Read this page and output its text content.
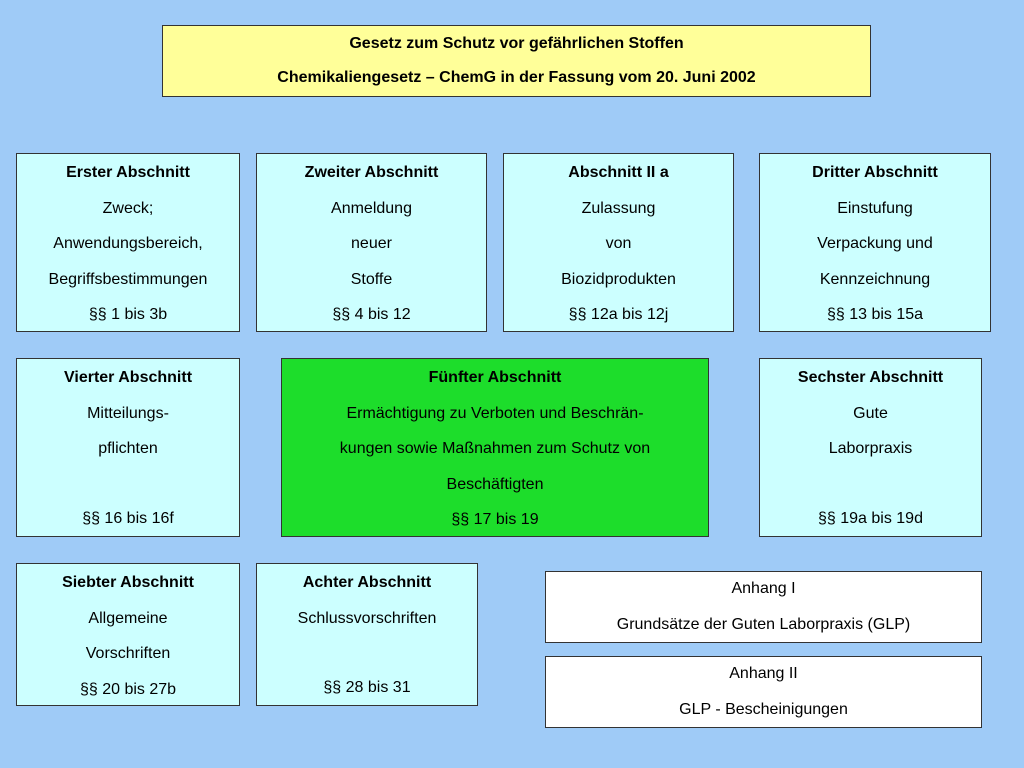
Gesetz zum Schutz vor gefährlichen Stoffen
Chemikaliengesetz – ChemG in der Fassung vom 20. Juni 2002
Erster Abschnitt
Zweck;
Anwendungsbereich,
Begriffsbestimmungen
§§ 1 bis 3b
Zweiter Abschnitt
Anmeldung
neuer
Stoffe
§§ 4 bis 12
Abschnitt II a
Zulassung
von
Biozidprodukten
§§ 12a bis 12j
Dritter Abschnitt
Einstufung
Verpackung und
Kennzeichnung
§§ 13 bis 15a
Vierter Abschnitt
Mitteilungs-
pflichten
§§ 16 bis 16f
Fünfter Abschnitt
Ermächtigung zu Verboten und Beschrän-
kungen sowie Maßnahmen zum Schutz von
Beschäftigten
§§ 17 bis 19
Sechster Abschnitt
Gute
Laborpraxis
§§ 19a bis 19d
Siebter Abschnitt
Allgemeine
Vorschriften
§§ 20 bis 27b
Achter Abschnitt
Schlussvorschriften
§§ 28 bis 31
Anhang I
Grundsätze der Guten Laborpraxis (GLP)
Anhang II
GLP - Bescheinigungen
